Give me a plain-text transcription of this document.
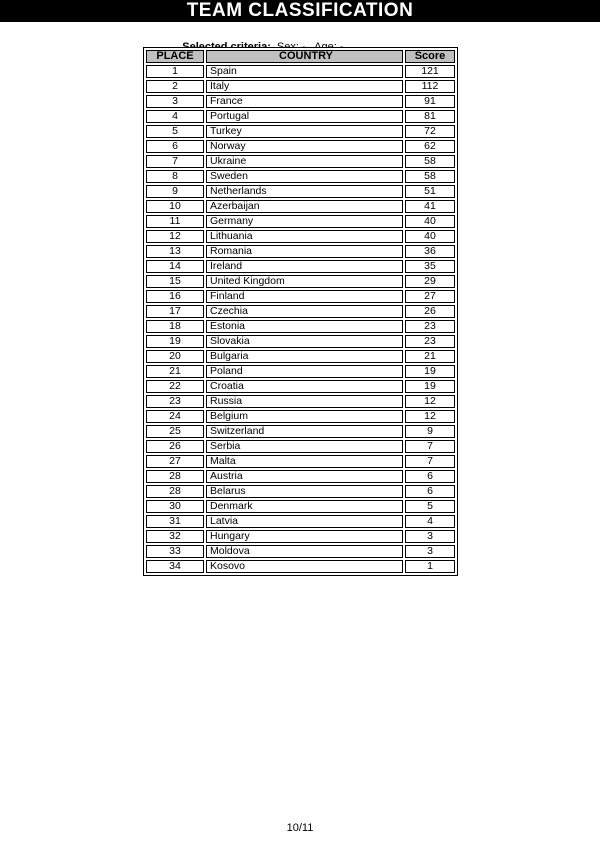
TEAM CLASSIFICATION

PLACE	COUNTRY	Score
1	Spain	121
2	Italy	112
3	France	91
4	Portugal	81
5	Turkey	72
6	Norway	62
7	Ukraine	58
8	Sweden	58
9	Netherlands	51
10	Azerbaijan	41
11	Germany	40
12	Lithuania	40
13	Romania	36
14	Ireland	35
15	United Kingdom	29
16	Finland	27
17	Czechia	26
18	Estonia	23
19	Slovakia	23
20	Bulgaria	21
21	Poland	19
22	Croatia	19
23	Russia	12
24	Belgium	12
25	Switzerland	9
26	Serbia	7
27	Malta	7
28	Austria	6
28	Belarus	6
30	Denmark	5
31	Latvia	4
32	Hungary	3
33	Moldova	3
34	Kosovo	1
10/11
